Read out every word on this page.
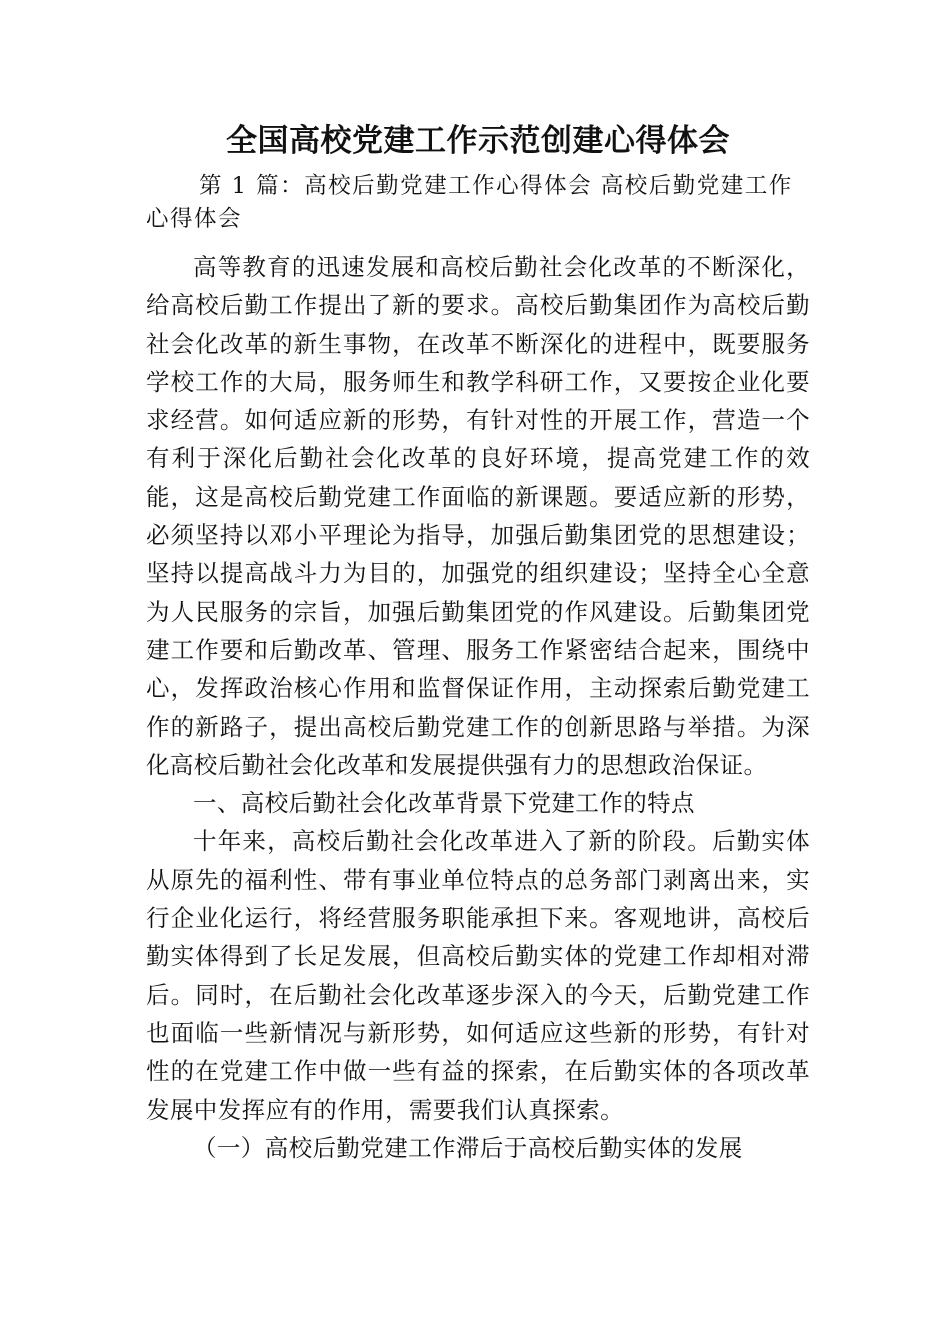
全国高校党建工作示范创建心得体会

第 1 篇：高校后勤党建工作心得体会 高校后勤党建工作心得体会

高等教育的迅速发展和高校后勤社会化改革的不断深化，给高校后勤工作提出了新的要求。高校后勤集团作为高校后勤社会化改革的新生事物，在改革不断深化的进程中，既要服务学校工作的大局，服务师生和教学科研工作，又要按企业化要求经营。如何适应新的形势，有针对性的开展工作，营造一个有利于深化后勤社会化改革的良好环境，提高党建工作的效能，这是高校后勤党建工作面临的新课题。要适应新的形势，必须坚持以邓小平理论为指导，加强后勤集团党的思想建设；坚持以提高战斗力为目的，加强党的组织建设；坚持全心全意为人民服务的宗旨，加强后勤集团党的作风建设。后勤集团党建工作要和后勤改革、管理、服务工作紧密结合起来，围绕中心，发挥政治核心作用和监督保证作用，主动探索后勤党建工作的新路子，提出高校后勤党建工作的创新思路与举措。为深化高校后勤社会化改革和发展提供强有力的思想政治保证。

一、高校后勤社会化改革背景下党建工作的特点

十年来，高校后勤社会化改革进入了新的阶段。后勤实体从原先的福利性、带有事业单位特点的总务部门剥离出来，实行企业化运行，将经营服务职能承担下来。客观地讲，高校后勤实体得到了长足发展，但高校后勤实体的党建工作却相对滞后。同时，在后勤社会化改革逐步深入的今天，后勤党建工作也面临一些新情况与新形势，如何适应这些新的形势，有针对性的在党建工作中做一些有益的探索，在后勤实体的各项改革发展中发挥应有的作用，需要我们认真探索。

（一）高校后勤党建工作滞后于高校后勤实体的发展
